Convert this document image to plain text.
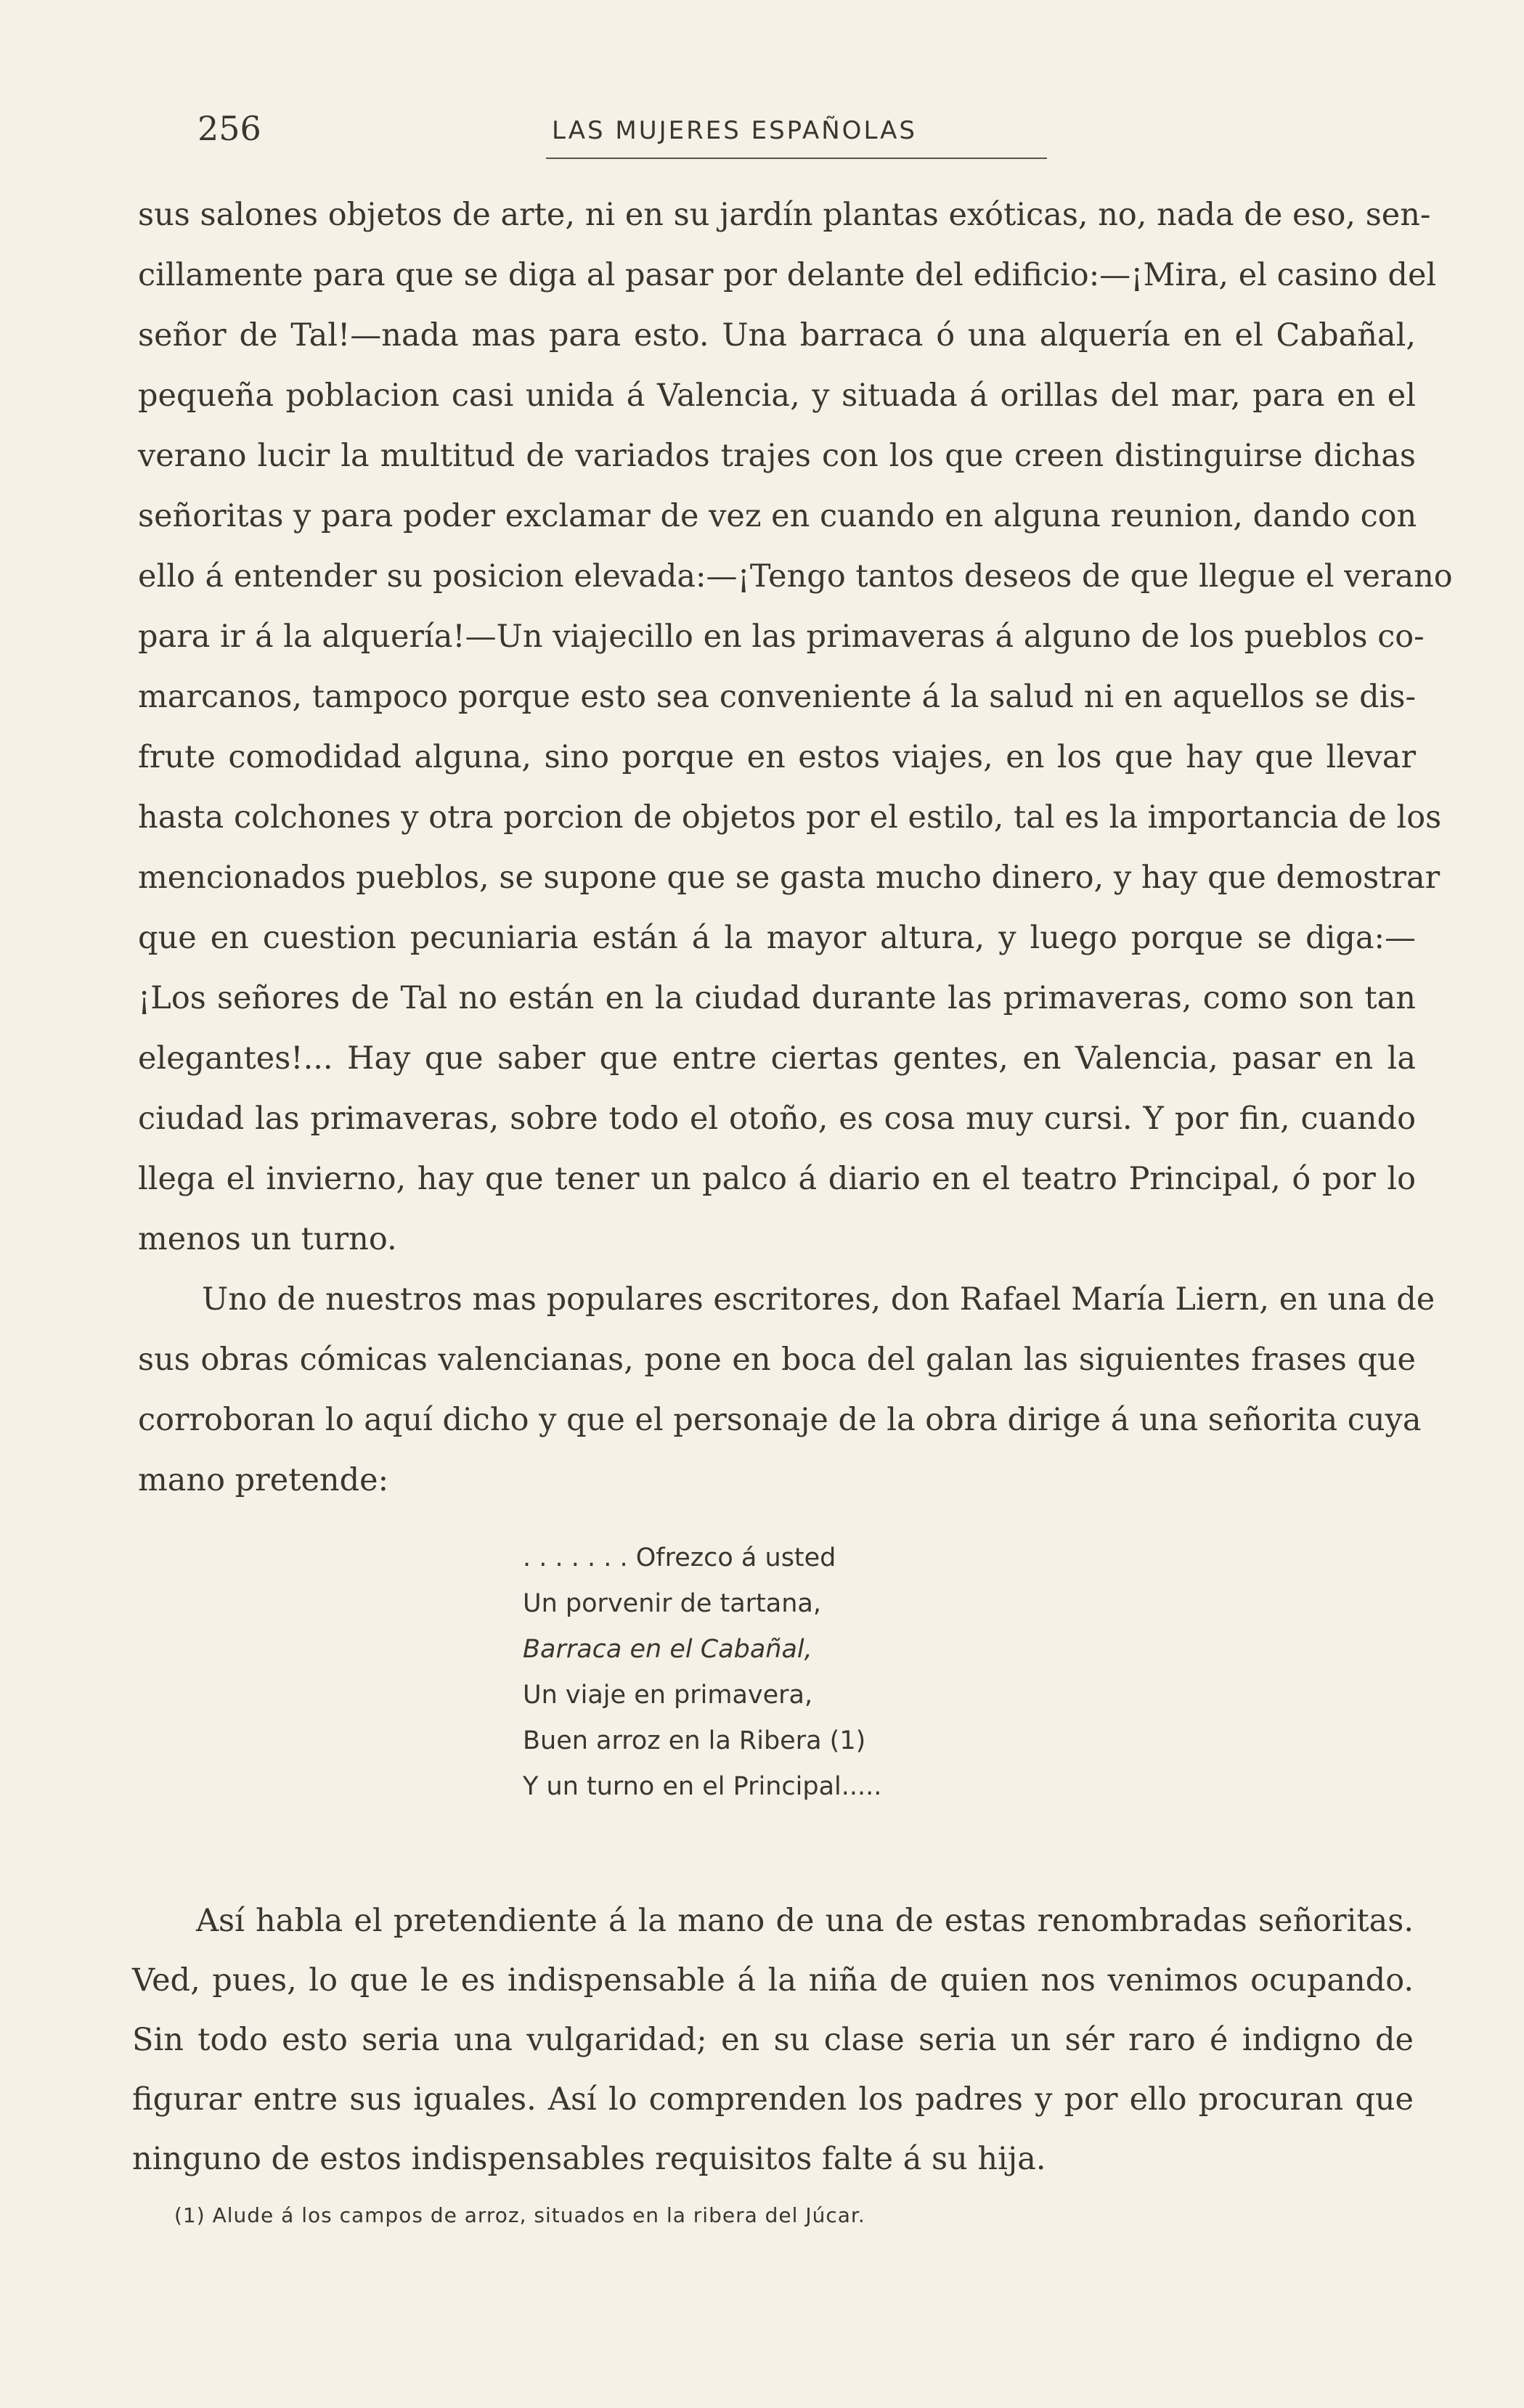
256	LAS MUJERES ESPAÑOLAS

sus salones objetos de arte, ni en su jardín plantas exóticas, no, nada de eso, sen-
cillamente para que se diga al pasar por delante del edificio:—¡Mira, el casino del
señor de Tal!—nada mas para esto. Una barraca ó una alquería en el Cabañal,
pequeña poblacion casi unida á Valencia, y situada á orillas del mar, para en el
verano lucir la multitud de variados trajes con los que creen distinguirse dichas
señoritas y para poder exclamar de vez en cuando en alguna reunion, dando con
ello á entender su posicion elevada:—¡Tengo tantos deseos de que llegue el verano
para ir á la alquería!—Un viajecillo en las primaveras á alguno de los pueblos co-
marcanos, tampoco porque esto sea conveniente á la salud ni en aquellos se dis-
frute comodidad alguna, sino porque en estos viajes, en los que hay que llevar
hasta colchones y otra porcion de objetos por el estilo, tal es la importancia de los
mencionados pueblos, se supone que se gasta mucho dinero, y hay que demostrar
que en cuestion pecuniaria están á la mayor altura, y luego porque se diga:—
¡Los señores de Tal no están en la ciudad durante las primaveras, como son tan
elegantes!... Hay que saber que entre ciertas gentes, en Valencia, pasar en la
ciudad las primaveras, sobre todo el otoño, es cosa muy cursi. Y por fin, cuando
llega el invierno, hay que tener un palco á diario en el teatro Principal, ó por lo
menos un turno.

Uno de nuestros mas populares escritores, don Rafael María Liern, en una de
sus obras cómicas valencianas, pone en boca del galan las siguientes frases que
corroboran lo aquí dicho y que el personaje de la obra dirige á una señorita cuya
mano pretende:

. . . . . . . Ofrezco á usted
Un porvenir de tartana,
Barraca en el Cabañal,
Un viaje en primavera,
Buen arroz en la Ribera (1)
Y un turno en el Principal.....
Así habla el pretendiente á la mano de una de estas renombradas señoritas.
Ved, pues, lo que le es indispensable á la niña de quien nos venimos ocupando.
Sin todo esto seria una vulgaridad; en su clase seria un sér raro é indigno de
figurar entre sus iguales. Así lo comprenden los padres y por ello procuran que
ninguno de estos indispensables requisitos falte á su hija.
(1) Alude á los campos de arroz, situados en la ribera del Júcar.
